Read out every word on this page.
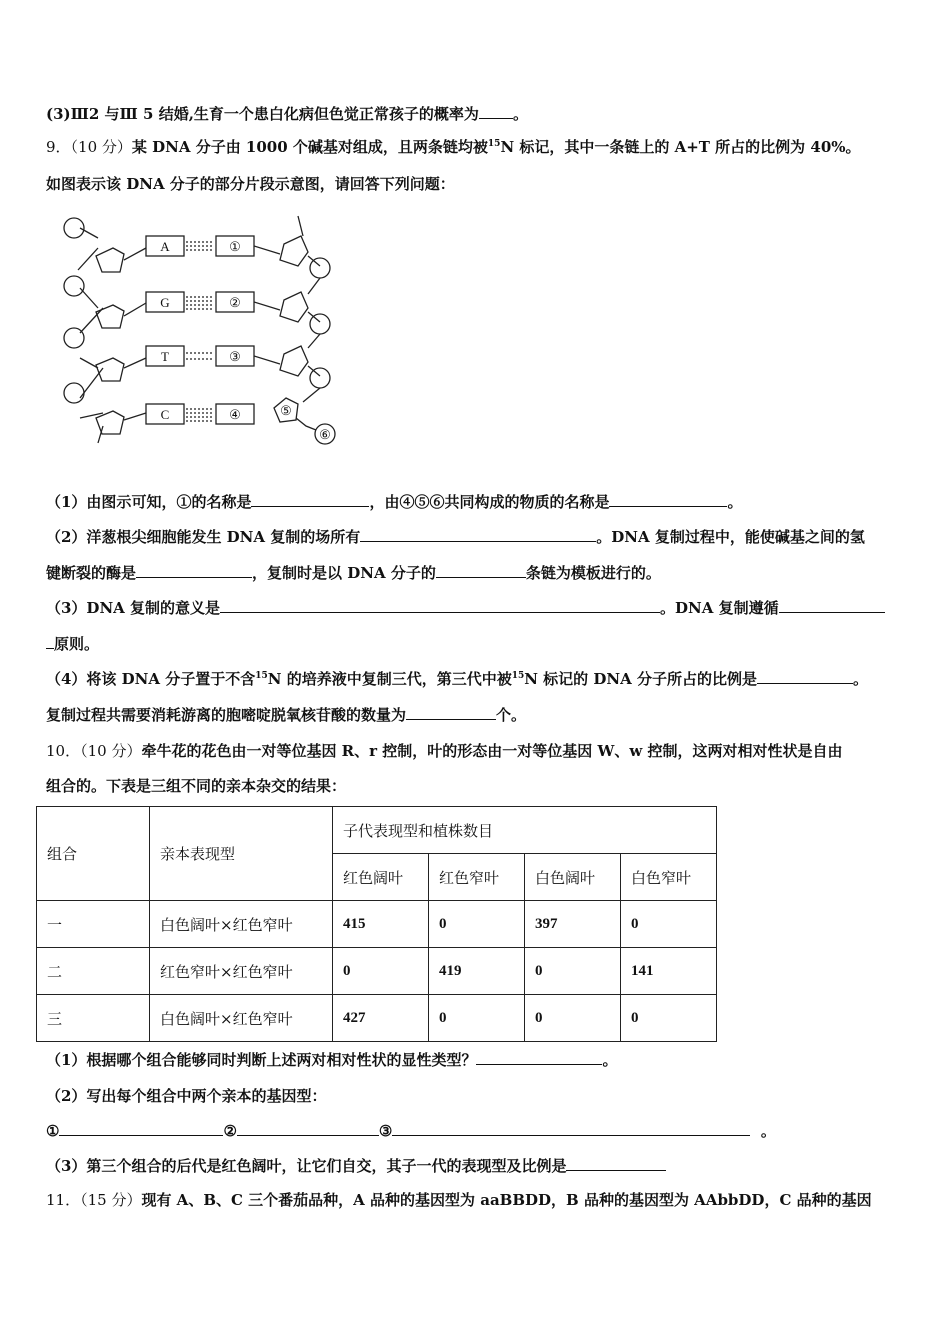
(3)Ⅲ2 与Ⅲ 5 结婚,生育一个患白化病但色觉正常孩子的概率为 。
9．（10 分）某 DNA 分子由 1000 个碱基对组成，且两条链均被$^{15}$N 标记，其中一条链上的 A+T 所占的比例为 40%。
如图表示该 DNA 分子的部分片段示意图，请回答下列问题：
A
G
T
C
①
②
③
④	⑤
⑥
（1）由图示可知，①的名称是	，由④⑤⑥共同构成的物质的名称是	。
（2）洋葱根尖细胞能发生 DNA 复制的场所有	。DNA 复制过程中，能使碱基之间的氢
键断裂的酶是	，复制时是以 DNA 分子的	条链为模板进行的。
（3）DNA 复制的意义是	。DNA 复制遵循
原则。
（4）将该 DNA 分子置于不含$^{15}$N 的培养液中复制三代，第三代中被$^{15}$N 标记的 DNA 分子所占的比例是	。
复制过程共需要消耗游离的胞嘧啶脱氧核苷酸的数量为	个。
10．（10 分）牵牛花的花色由一对等位基因 R、r 控制，叶的形态由一对等位基因 W、w 控制，这两对相对性状是自由
组合的。下表是三组不同的亲本杂交的结果：
组合	亲本表现型	子代表现型和植株数目			
		红色阔叶	红色窄叶	白色阔叶	白色窄叶
一	白色阔叶×红色窄叶	415	0	397	0
二	红色窄叶×红色窄叶	0	419	0	141
三	白色阔叶×红色窄叶	427	0	0	0
（1）根据哪个组合能够同时判断上述两对相对性状的显性类型？	。
（2）写出每个组合中两个亲本的基因型：
①	②	③	。
（3）第三个组合的后代是红色阔叶，让它们自交，其子一代的表现型及比例是
11．（15 分）现有 A、B、C 三个番茄品种，A 品种的基因型为 aaBBDD，B 品种的基因型为 AAbbDD，C 品种的基因
